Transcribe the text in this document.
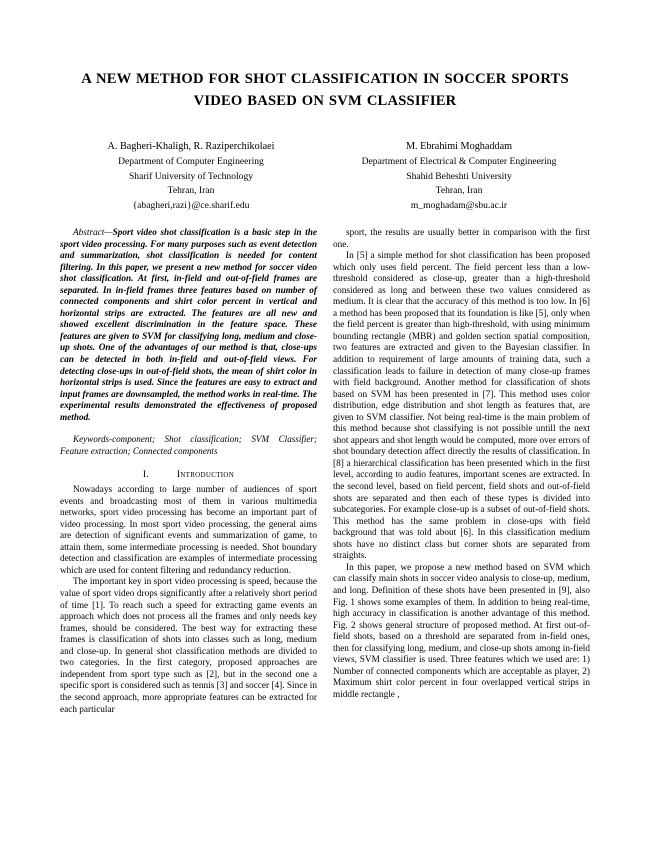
A NEW METHOD FOR SHOT CLASSIFICATION IN SOCCER SPORTS VIDEO BASED ON SVM CLASSIFIER
A. Bagheri-Khaligh, R. Raziperchikolaei
Department of Computer Engineering
Sharif University of Technology
Tehran, Iran
{abagheri,razi}@ce.sharif.edu
M. Ebrahimi Moghaddam
Department of Electrical & Computer Engineering
Shahid Beheshti University
Tehran, Iran
m_moghadam@sbu.ac.ir

Abstract—Sport video shot classification is a basic step in the sport video processing. For many purposes such as event detection and summarization, shot classification is needed for content filtering. In this paper, we present a new method for soccer video shot classification. At first, in-field and out-of-field frames are separated. In in-field frames three features based on number of connected components and shirt color percent in vertical and horizontal strips are extracted. The features are all new and showed excellent discrimination in the feature space. These features are given to SVM for classifying long, medium and close-up shots. One of the advantages of our method is that, close-ups can be detected in both in-field and out-of-field views. For detecting close-ups in out-of-field shots, the mean of shirt color in horizontal strips is used. Since the features are easy to extract and input frames are downsampled, the method works in real-time. The experimental results demonstrated the effectiveness of proposed method.

Keywords-component; Shot classification; SVM Classifier; Feature extraction; Connected components

I.	Introduction

Nowadays according to large number of audiences of sport events and broadcasting most of them in various multimedia networks, sport video processing has become an important part of video processing. In most sport video processing, the general aims are detection of significant events and summarization of game, to attain them, some intermediate processing is needed. Shot boundary detection and classification are examples of intermediate processing which are used for content filtering and redundancy reduction.

The important key in sport video processing is speed, because the value of sport video drops significantly after a relatively short period of time [1]. To reach such a speed for extracting game events an approach which does not process all the frames and only needs key frames, should be considered. The best way for extracting these frames is classification of shots into classes such as long, medium and close-up. In general shot classification methods are divided to two categories. In the first category, proposed approaches are independent from sport type such as [2], but in the second one a specific sport is considered such as tennis [3] and soccer [4]. Since in the second approach, more appropriate features can be extracted for each particular

sport, the results are usually better in comparison with the first one.

In [5] a simple method for shot classification has been proposed which only uses field percent. The field percent less than a low-threshold considered as close-up, greater than a high-threshold considered as long and between these two values considered as medium. It is clear that the accuracy of this method is too low. In [6] a method has been proposed that its foundation is like [5], only when the field percent is greater than high-threshold, with using minimum bounding rectangle (MBR) and golden section spatial composition, two features are extracted and given to the Bayesian classifier. In addition to requirement of large amounts of training data, such a classification leads to failure in detection of many close-up frames with field background. Another method for classification of shots based on SVM has been presented in [7]. This method uses color distribution, edge distribution and shot length as features that, are given to SVM classifier. Not being real-time is the main problem of this method because shot classifying is not possible untill the next shot appears and shot length would be computed, more over errors of shot boundary detection affect directly the results of classification. In [8] a hierarchical classification has been presented which in the first level, according to audio features, important scenes are extracted. In the second level, based on field percent, field shots and out-of-field shots are separated and then each of these types is divided into subcategories. For example close-up is a subset of out-of-field shots. This method has the same problem in close-ups with field background that was told about [6]. In this classification medium shots have no distinct class but corner shots are separated from straights.

In this paper, we propose a new method based on SVM which can classify main shots in soccer video analysis to close-up, medium, and long. Definition of these shots have been presented in [9], also Fig. 1 shows some examples of them. In addition to being real-time, high accuracy in classification is another advantage of this method. Fig. 2 shows general structure of proposed method. At first out-of-field shots, based on a threshold are separated from in-field ones, then for classifying long, medium, and close-up shots among in-field views, SVM classifier is used. Three features which we used are: 1) Number of connected components which are acceptable as player, 2) Maximum shirt color percent in four overlapped vertical strips in middle rectangle ,
